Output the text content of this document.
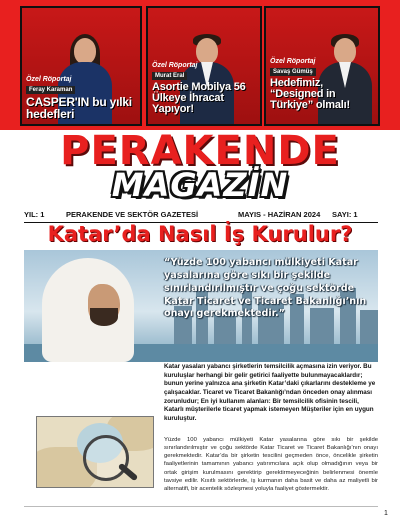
Özel Röportaj
Feray Karaman
CASPER'IN bu yılki
hedefleri
Özel Röportaj
Murat Eral
Asortie Mobilya 56
Ülkeye İhracat
Yapıyor!
Özel Röportaj
Savaş Gümüş
Hedefimiz,
“Designed in
Türkiye” olmalı!
PERAKENDE
MAGAZİN
YIL: 1	PERAKENDE VE SEKTÖR GAZETESİ	MAYIS - HAZİRAN 2024 SAYI: 1
Katar’da Nasıl İş Kurulur?
“Yüzde 100 yabancı mülkiyeti Katar yasalarına göre sıkı bir şekilde sınırlandırılmıştır ve çoğu sektörde Katar Ticaret ve Ticaret Bakanlığı’nın onayı gerekmektedir.”

Katar yasaları yabancı şirketlerin temsilcilik açmasına izin veriyor. Bu kuruluşlar herhangi bir gelir getirici faaliyette bulunmayacaklardır; bunun yerine yalnızca ana şirketin Katar’daki çıkarlarını destekleme ye çalışacaklar. Ticaret ve Ticaret Bakanlığı’ndan önceden onay alınması zorunludur; En iyi kullanım alanları: Bir temsilcilik ofisinin tescili, Katarlı müşterilerle ticaret yapmak istemeyen Müşteriler için en uygun kuruluştur.

Yüzde 100 yabancı mülkiyeti Katar yasalarına göre sıkı bir şekilde sınırlandırılmıştır ve çoğu sektörde Katar Ticaret ve Ticaret Bakanlığı’nın onayı gerekmektedir. Katar’da bir şirketin tescilini geçmeden önce, öncelikle şirketin faaliyetlerinin tamamının yabancı yatırımcılara açık olup olmadığının veya bir ortak girişim kurulmasını gerektirip gerektirmeyeceğinin belirlenmesi önemle tavsiye edilir. Kısıtlı sektörlerde, iş kurmanın daha basit ve daha az maliyetli bir alternatifi, bir acentelik sözleşmesi yoluyla faaliyet göstermektir.

1
